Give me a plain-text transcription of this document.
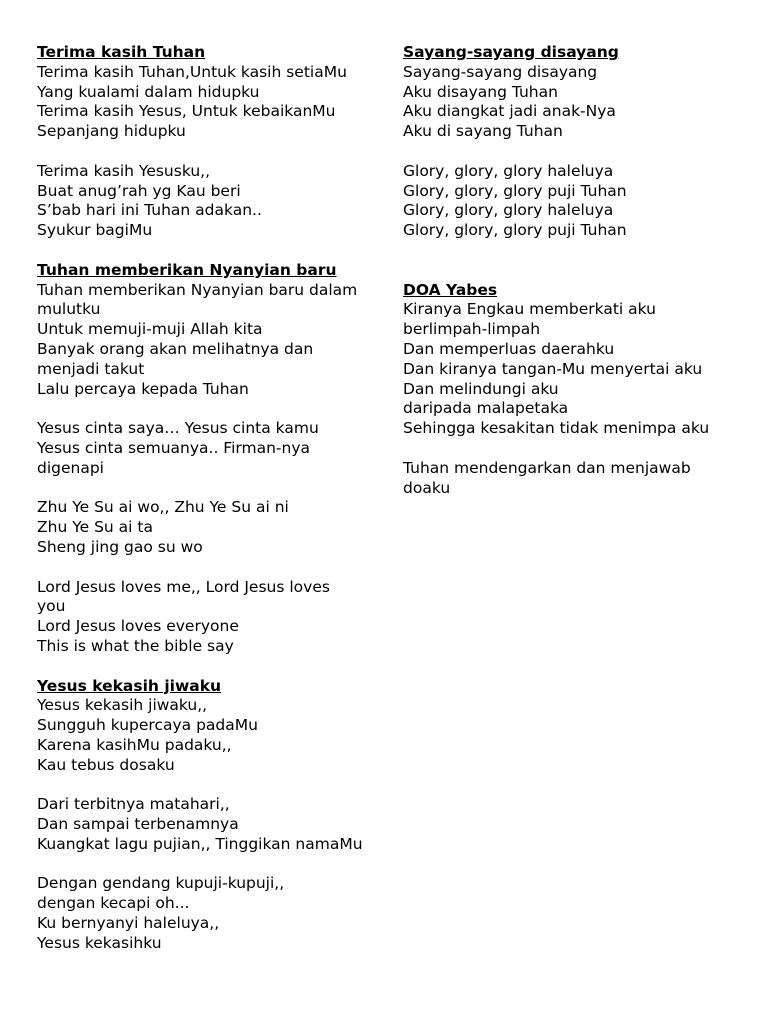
Terima kasih Tuhan
Terima kasih Tuhan,Untuk kasih setiaMu
Yang kualami dalam hidupku
Terima kasih Yesus, Untuk kebaikanMu
Sepanjang hidupku
Terima kasih Yesusku,,
Buat anug’rah yg Kau beri
S’bab hari ini Tuhan adakan..
Syukur bagiMu
Tuhan memberikan Nyanyian baru
Tuhan memberikan Nyanyian baru dalam
mulutku
Untuk memuji-muji Allah kita
Banyak orang akan melihatnya dan
menjadi takut
Lalu percaya kepada Tuhan
Yesus cinta saya… Yesus cinta kamu
Yesus cinta semuanya.. Firman-nya
digenapi
Zhu Ye Su ai wo,, Zhu Ye Su ai ni
Zhu Ye Su ai ta
Sheng jing gao su wo
Lord Jesus loves me,, Lord Jesus loves
you
Lord Jesus loves everyone
This is what the bible say
Yesus kekasih jiwaku
Yesus kekasih jiwaku,,
Sungguh kupercaya padaMu
Karena kasihMu padaku,,
Kau tebus dosaku
Dari terbitnya matahari,,
Dan sampai terbenamnya
Kuangkat lagu pujian,, Tinggikan namaMu
Dengan gendang kupuji-kupuji,,
dengan kecapi oh...
Ku bernyanyi haleluya,,
Yesus kekasihku
Sayang-sayang disayang
Sayang-sayang disayang
Aku disayang Tuhan
Aku diangkat jadi anak-Nya
Aku di sayang Tuhan
Glory, glory, glory haleluya
Glory, glory, glory puji Tuhan
Glory, glory, glory haleluya
Glory, glory, glory puji Tuhan
DOA Yabes
Kiranya Engkau memberkati aku
berlimpah-limpah
Dan memperluas daerahku
Dan kiranya tangan-Mu menyertai aku
Dan melindungi aku
daripada malapetaka
Sehingga kesakitan tidak menimpa aku
Tuhan mendengarkan dan menjawab
doaku
